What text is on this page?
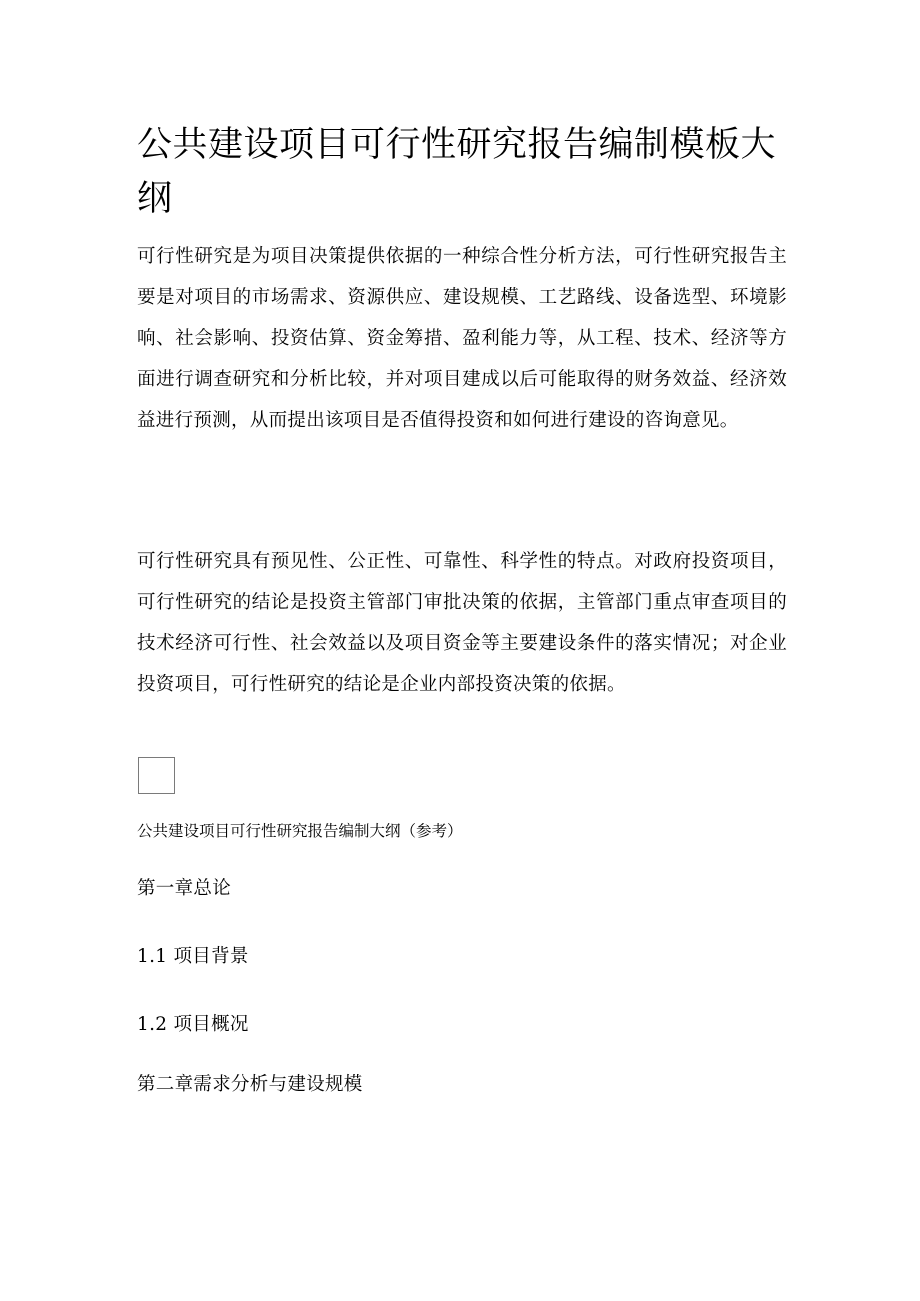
公共建设项目可行性研究报告编制模板大纲

可行性研究是为项目决策提供依据的一种综合性分析方法，可行性研究报告主要是对项目的市场需求、资源供应、建设规模、工艺路线、设备选型、环境影响、社会影响、投资估算、资金筹措、盈利能力等，从工程、技术、经济等方面进行调查研究和分析比较，并对项目建成以后可能取得的财务效益、经济效益进行预测，从而提出该项目是否值得投资和如何进行建设的咨询意见。

可行性研究具有预见性、公正性、可靠性、科学性的特点。对政府投资项目，可行性研究的结论是投资主管部门审批决策的依据，主管部门重点审查项目的技术经济可行性、社会效益以及项目资金等主要建设条件的落实情况；对企业投资项目，可行性研究的结论是企业内部投资决策的依据。

公共建设项目可行性研究报告编制大纲（参考）

第一章总论

1.1 项目背景

1.2 项目概况

第二章需求分析与建设规模
